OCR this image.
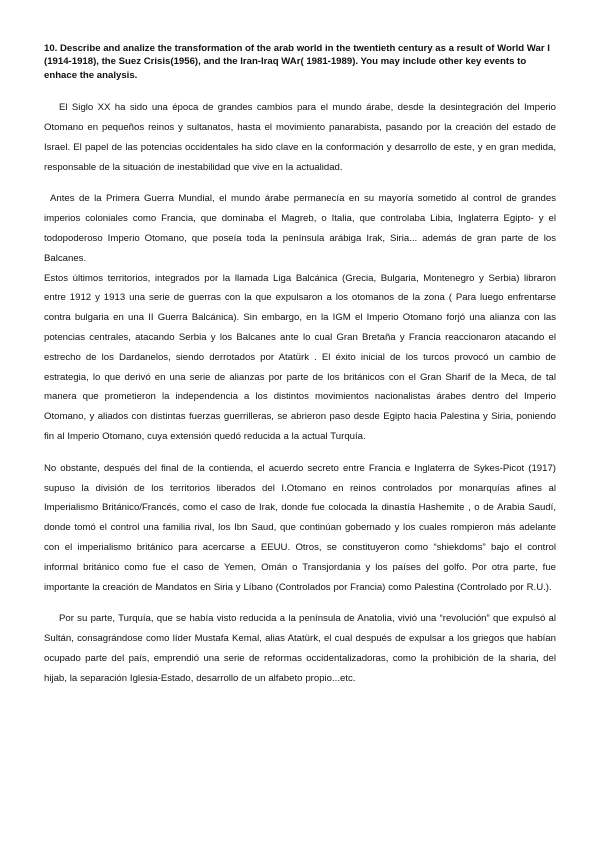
10. Describe and analize the transformation of the arab world in the twentieth century as a result of World War I (1914-1918), the Suez Crisis(1956), and the Iran-Iraq WAr( 1981-1989). You may include other key events to enhace the analysis.

El Siglo XX ha sido una época de grandes cambios para el mundo árabe, desde la desintegración del Imperio Otomano en pequeños reinos y sultanatos, hasta el movimiento panarabista, pasando por la creación del estado de Israel. El papel de las potencias occidentales ha sido clave en la conformación y desarrollo de este, y en gran medida, responsable de la situación de inestabilidad que vive en la actualidad.

Antes de la Primera Guerra Mundial, el mundo árabe permanecía en su mayoría sometido al control de grandes imperios coloniales como Francia, que dominaba el Magreb, o Italia, que controlaba Libia, Inglaterra Egipto- y el todopoderoso Imperio Otomano, que poseía toda la península arábiga Irak, Siria... además de gran parte de los Balcanes.

Estos últimos territorios, integrados por la llamada Liga Balcánica (Grecia, Bulgaria, Montenegro y Serbia) libraron entre 1912 y 1913 una serie de guerras con la que expulsaron a los otomanos de la zona ( Para luego enfrentarse contra bulgaria en una II Guerra Balcánica). Sin embargo, en la IGM el Imperio Otomano forjó una alianza con las potencias centrales, atacando Serbia y los Balcanes ante lo cual Gran Bretaña y Francia reaccionaron atacando el estrecho de los Dardanelos, siendo derrotados por Atatürk . El éxito inicial de los turcos provocó un cambio de estrategia, lo que derivó en una serie de alianzas por parte de los británicos con el Gran Sharif de la Meca, de tal manera que prometieron la independencia a los distintos movimientos nacionalistas árabes dentro del Imperio Otomano, y aliados con distintas fuerzas guerrilleras, se abrieron paso desde Egipto hacia Palestina y Siria, poniendo fin al Imperio Otomano, cuya extensión quedó reducida a la actual Turquía.

No obstante, después del final de la contienda, el acuerdo secreto entre Francia e Inglaterra de Sykes-Picot (1917) supuso la división de los territorios liberados del I.Otomano en reinos controlados por monarquías afines al Imperialismo Británico/Francés, como el caso de Irak, donde fue colocada la dinastía Hashemite , o de Arabia Saudí, donde tomó el control una familia rival, los Ibn Saud, que continúan gobernado y los cuales rompieron más adelante con el imperialismo británico para acercarse a EEUU. Otros, se constituyeron como “shiekdoms” bajo el control informal británico como fue el caso de Yemen, Omán o Transjordania y los países del golfo. Por otra parte, fue importante la creación de Mandatos en Siria y Líbano (Controlados por Francia) como Palestina (Controlado por R.U.).

Por su parte, Turquía, que se había visto reducida a la península de Anatolia, vivió una “revolución” que expulsó al Sultán, consagrándose como líder Mustafa Kemal, alias Atatürk, el cual después de expulsar a los griegos que habían ocupado parte del país, emprendió una serie de reformas occidentalizadoras, como la prohibición de la sharia, del hijab, la separación Iglesia-Estado, desarrollo de un alfabeto propio...etc.
